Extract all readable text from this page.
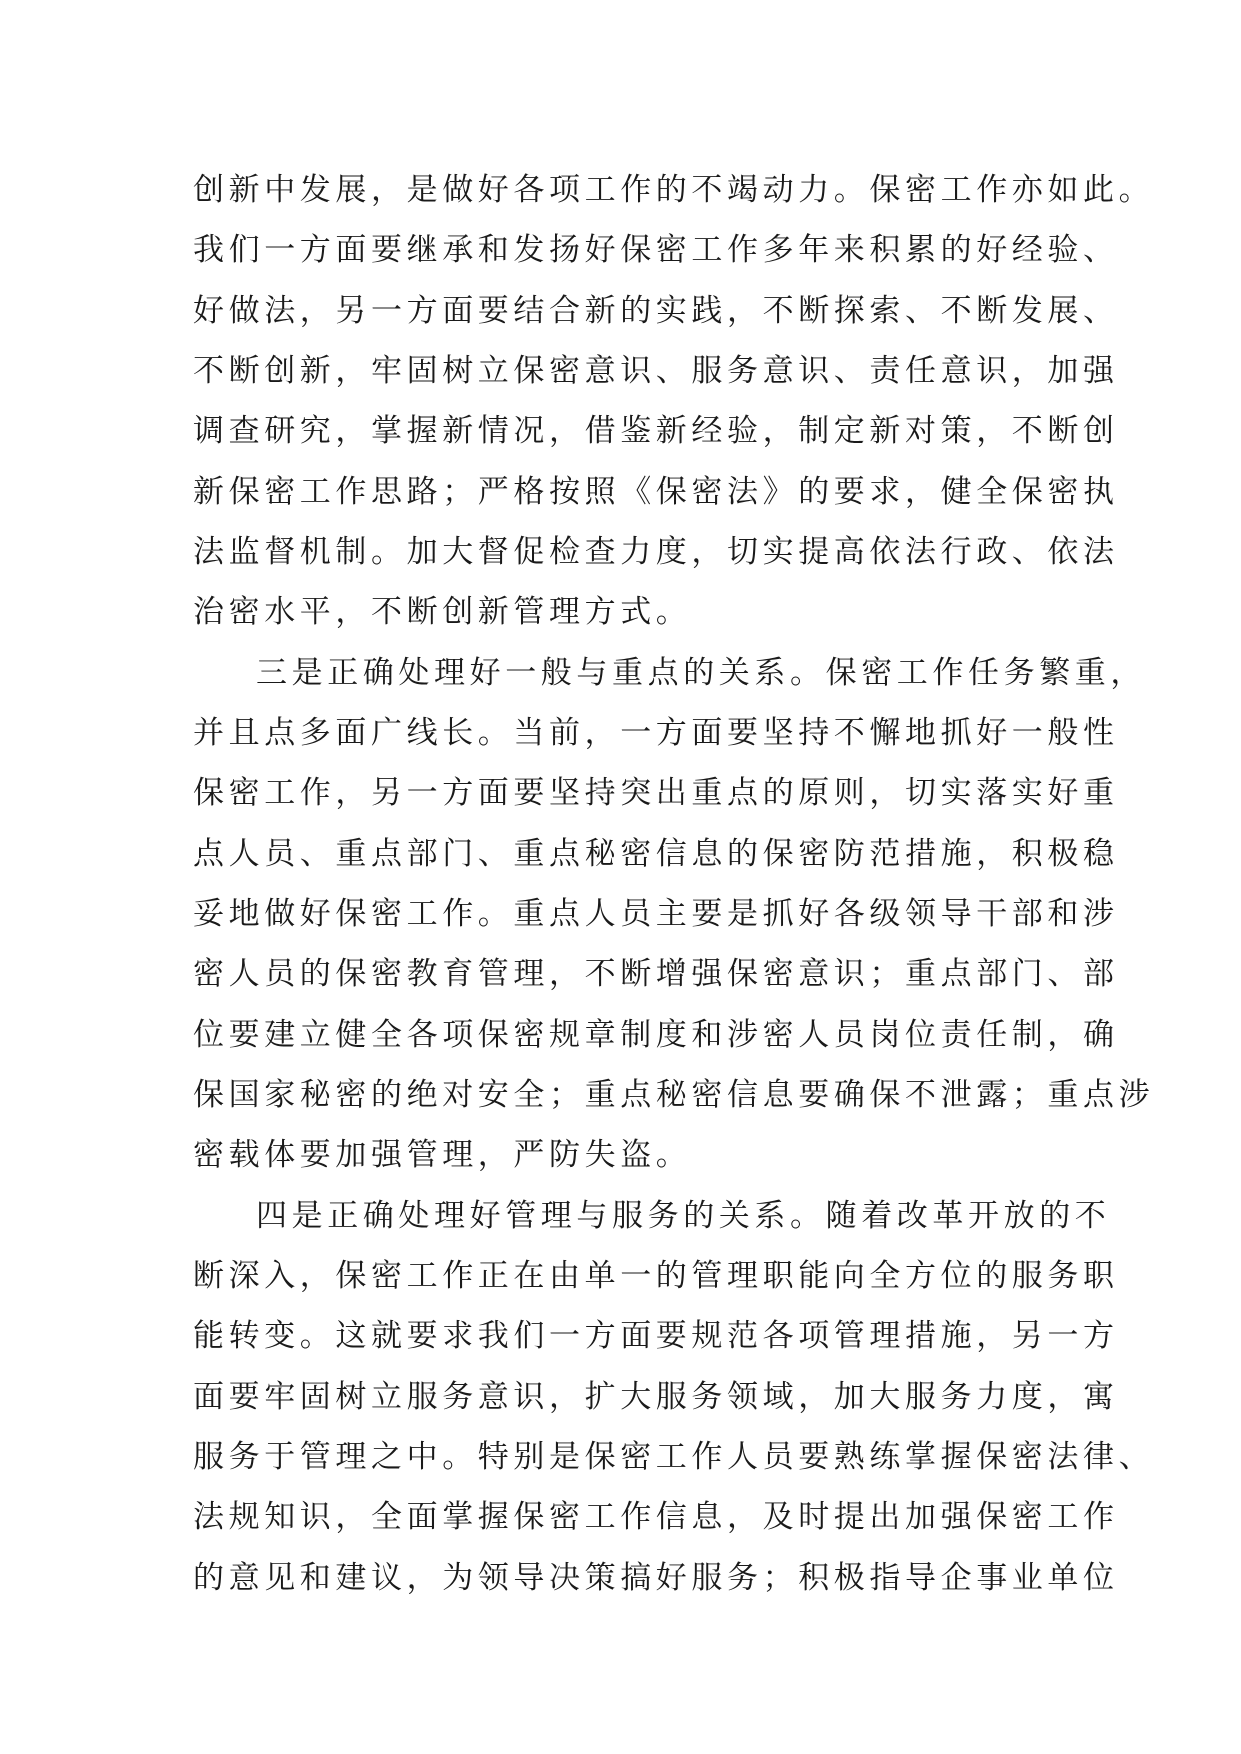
创新中发展，是做好各项工作的不竭动力。保密工作亦如此。
我们一方面要继承和发扬好保密工作多年来积累的好经验、
好做法，另一方面要结合新的实践，不断探索、不断发展、
不断创新，牢固树立保密意识、服务意识、责任意识，加强
调查研究，掌握新情况，借鉴新经验，制定新对策，不断创
新保密工作思路；严格按照《保密法》的要求，健全保密执
法监督机制。加大督促检查力度，切实提高依法行政、依法
治密水平，不断创新管理方式。
三是正确处理好一般与重点的关系。保密工作任务繁重，
并且点多面广线长。当前，一方面要坚持不懈地抓好一般性
保密工作，另一方面要坚持突出重点的原则，切实落实好重
点人员、重点部门、重点秘密信息的保密防范措施，积极稳
妥地做好保密工作。重点人员主要是抓好各级领导干部和涉
密人员的保密教育管理，不断增强保密意识；重点部门、部
位要建立健全各项保密规章制度和涉密人员岗位责任制，确
保国家秘密的绝对安全；重点秘密信息要确保不泄露；重点涉
密载体要加强管理，严防失盗。
四是正确处理好管理与服务的关系。随着改革开放的不
断深入，保密工作正在由单一的管理职能向全方位的服务职
能转变。这就要求我们一方面要规范各项管理措施，另一方
面要牢固树立服务意识，扩大服务领域，加大服务力度，寓
服务于管理之中。特别是保密工作人员要熟练掌握保密法律、
法规知识，全面掌握保密工作信息，及时提出加强保密工作
的意见和建议，为领导决策搞好服务；积极指导企事业单位
